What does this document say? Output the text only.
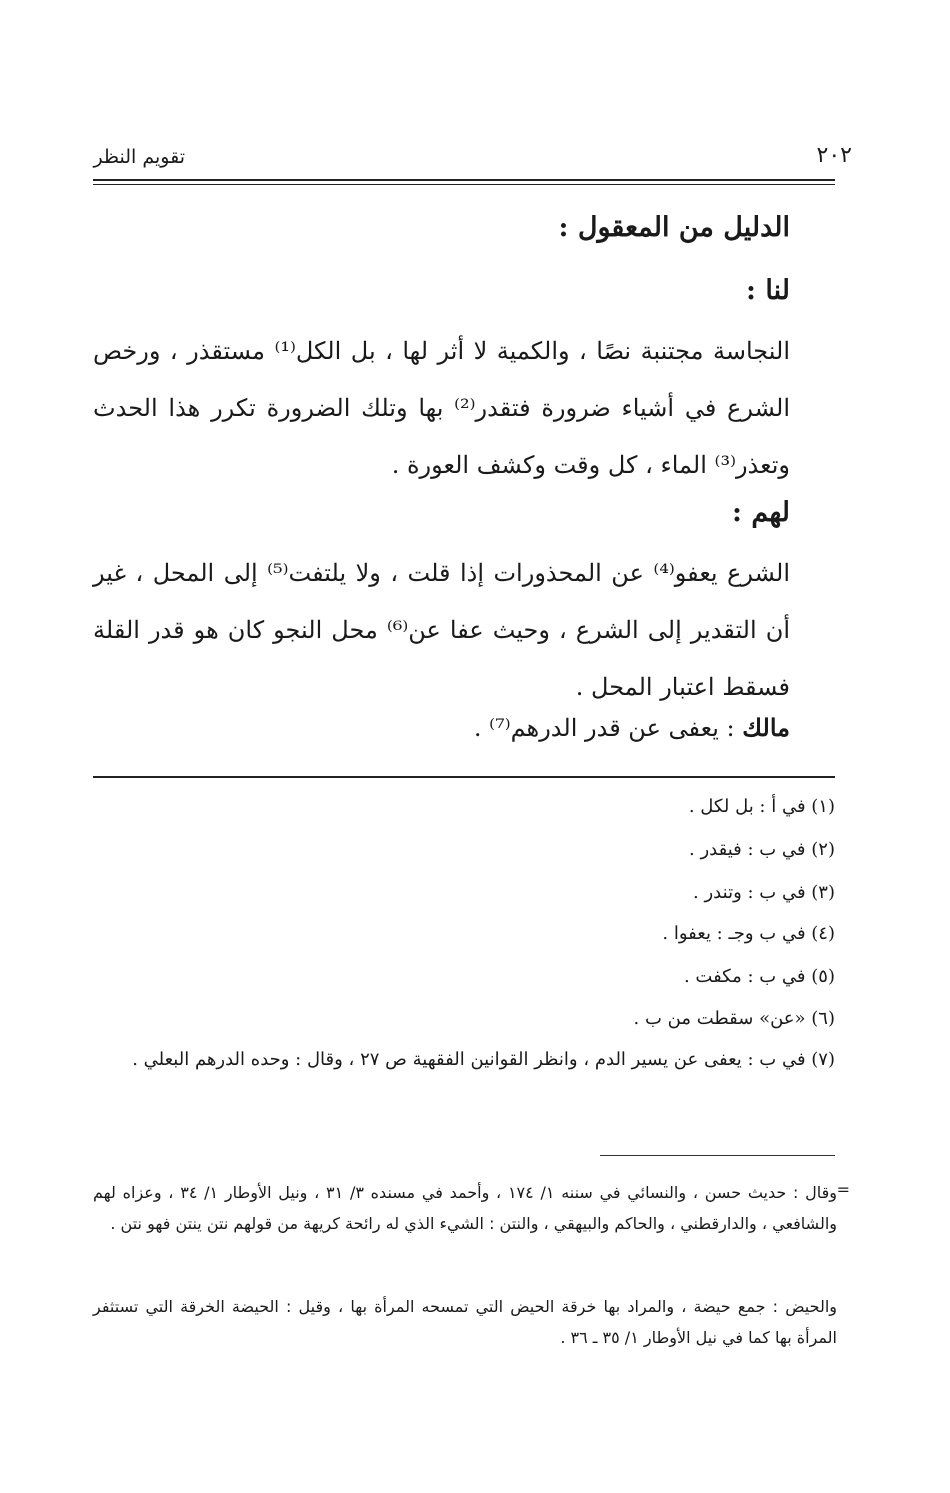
تقويم النظر	٢٠٢
الدليل من المعقول :
لنا :
النجاسة مجتنبة نصًا ، والكمية لا أثر لها ، بل الكل⁽¹⁾ مستقذر ، ورخص الشرع في أشياء ضرورة فتقدر⁽²⁾ بها وتلك الضرورة تكرر هذا الحدث وتعذر⁽³⁾ الماء ، كل وقت وكشف العورة .
لهم :
الشرع يعفو⁽⁴⁾ عن المحذورات إذا قلت ، ولا يلتفت⁽⁵⁾ إلى المحل ، غير أن التقدير إلى الشرع ، وحيث عفا عن⁽⁶⁾ محل النجو كان هو قدر القلة فسقط اعتبار المحل .
مالك : يعفى عن قدر الدرهم⁽⁷⁾ .
(١) في أ : بل لكل .
(٢) في ب : فيقدر .
(٣) في ب : وتندر .
(٤) في ب وجـ : يعفوا .
(٥) في ب : مكفت .
(٦) «عن» سقطت من ب .
(٧) في ب : يعفى عن يسير الدم ، وانظر القوانين الفقهية ص ٢٧ ، وقال : وحده الدرهم البعلي .
=
وقال : حديث حسن ، والنسائي في سننه ١/ ١٧٤ ، وأحمد في مسنده ٣/ ٣١ ، ونيل الأوطار ١/ ٣٤ ، وعزاه لهم والشافعي ، والدارقطني ، والحاكم والبيهقي ، والنتن : الشيء الذي له رائحة كريهة من قولهم نتن ينتن فهو نتن .
والحيض : جمع حيضة ، والمراد بها خرقة الحيض التي تمسحه المرأة بها ، وقيل : الحيضة الخرقة التي تستثفر المرأة بها كما في نيل الأوطار ١/ ٣٥ ـ ٣٦ .
